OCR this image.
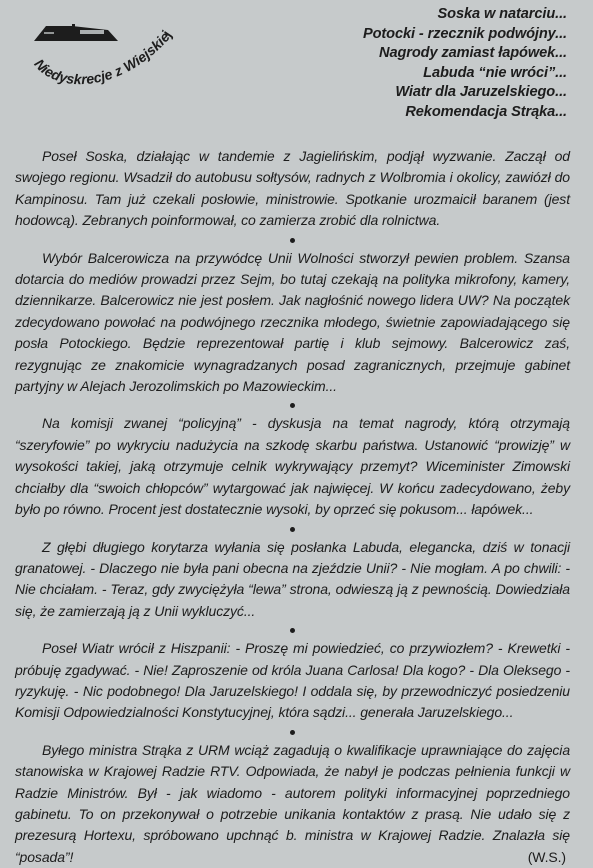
Niedyskrecje z Wiejskiej
Soska w natarciu...
Potocki - rzecznik podwójny...
Nagrody zamiast łapówek...
Labuda “nie wróci”...
Wiatr dla Jaruzelskiego...
Rekomendacja Strąka...

Poseł Soska, działając w tandemie z Jagielińskim, podjął wyzwanie. Zaczął od swojego regionu. Wsadził do autobusu sołtysów, radnych z Wolbromia i okolicy, zawiózł do Kampinosu. Tam już czekali posłowie, ministrowie. Spotkanie urozmaicił baranem (jest hodowcą). Zebranych poinformował, co zamierza zrobić dla rolnictwa.

Wybór Balcerowicza na przywódcę Unii Wolności stworzył pewien problem. Szansa dotarcia do mediów prowadzi przez Sejm, bo tutaj czekają na polityka mikrofony, kamery, dziennikarze. Balcerowicz nie jest posłem. Jak nagłośnić nowego lidera UW? Na początek zdecydowano powołać na podwójnego rzecznika młodego, świetnie zapowiadającego się posła Potockiego. Będzie reprezentował partię i klub sejmowy. Balcerowicz zaś, rezygnując ze znakomicie wynagradzanych posad zagranicznych, przejmuje gabinet partyjny w Alejach Jerozolimskich po Mazowieckim...

Na komisji zwanej “policyjną” - dyskusja na temat nagrody, którą otrzymają “szeryfowie” po wykryciu nadużycia na szkodę skarbu państwa. Ustanowić “prowizję” w wysokości takiej, jaką otrzymuje celnik wykrywający przemyt? Wiceminister Zimowski chciałby dla “swoich chłopców” wytargować jak najwięcej. W końcu zadecydowano, żeby było po równo. Procent jest dostatecznie wysoki, by oprzeć się pokusom... łapówek...

Z głębi długiego korytarza wyłania się posłanka Labuda, elegancka, dziś w tonacji granatowej. - Dlaczego nie była pani obecna na zjeździe Unii? - Nie mogłam. A po chwili: - Nie chciałam. - Teraz, gdy zwyciężyła “lewa” strona, odwieszą ją z pewnością. Dowiedziała się, że zamierzają ją z Unii wykluczyć...

Poseł Wiatr wrócił z Hiszpanii: - Proszę mi powiedzieć, co przywiozłem? - Krewetki - próbuję zgadywać. - Nie! Zaproszenie od króla Juana Carlosa! Dla kogo? - Dla Oleksego - ryzykuję. - Nic podobnego! Dla Jaruzelskiego! I oddala się, by przewodniczyć posiedzeniu Komisji Odpowiedzialności Konstytucyjnej, która sądzi... generała Jaruzelskiego...

Byłego ministra Strąka z URM wciąż zagadują o kwalifikacje uprawniające do zajęcia stanowiska w Krajowej Radzie RTV. Odpowiada, że nabył je podczas pełnienia funkcji w Radzie Ministrów. Był - jak wiadomo - autorem polityki informacyjnej poprzedniego gabinetu. To on przekonywał o potrzebie unikania kontaktów z prasą. Nie udało się z prezesurą Hortexu, spróbowano upchnąć b. ministra w Krajowej Radzie. Znalazła się “posada”!	(W.S.)
